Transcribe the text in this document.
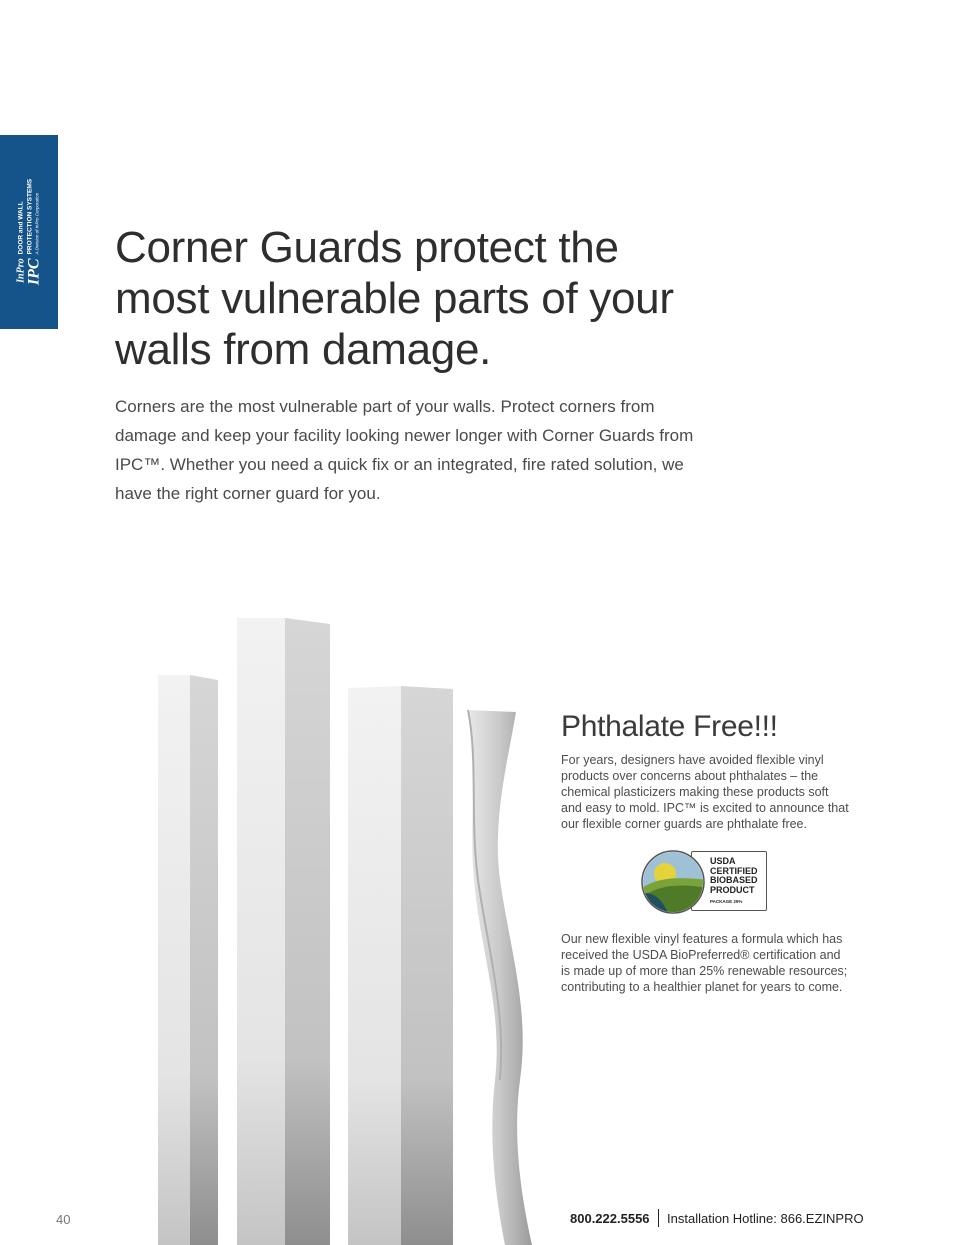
InPro
IPC
DOOR and WALL
PROTECTION SYSTEMS A Division of InPro Corporation Corner Guards protect the
most vulnerable parts of your
walls from damage.

Corners are the most vulnerable part of your walls. Protect corners from
damage and keep your facility looking newer longer with Corner Guards from
IPC™. Whether you need a quick fix or an integrated, fire rated solution, we
have the right corner guard for you.

Phthalate Free!!!

For years, designers have avoided flexible vinyl
products over concerns about phthalates – the
chemical plasticizers making these products soft
and easy to mold. IPC™ is excited to announce that
our flexible corner guards are phthalate free.

USDA
CERTIFIED
BIOBASED
PRODUCT
PACKAGE 25%

Our new flexible vinyl features a formula which has
received the USDA BioPreferred® certification and
is made up of more than 25% renewable resources;
contributing to a healthier planet for years to come.

40	800.222.5556 Installation Hotline: 866.EZINPRO
